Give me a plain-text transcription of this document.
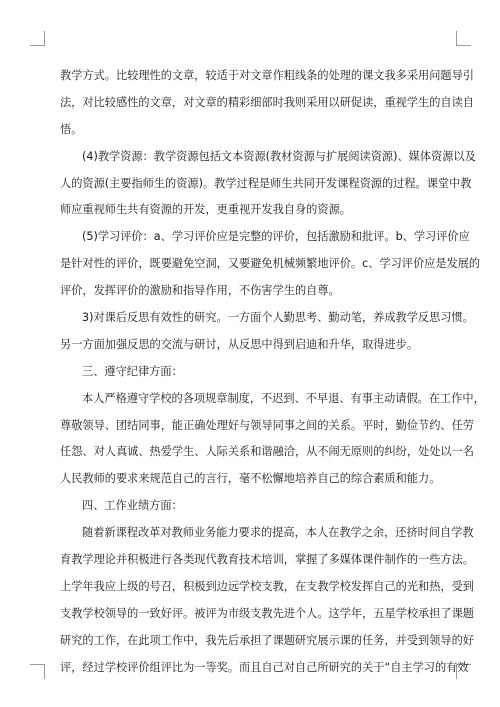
教学方式。比较理性的文章，较适于对文章作粗线条的处理的课文我多采用问题导引
法，对比较感性的文章，对文章的精彩细部时我则采用以研促读，重视学生的自读自
悟。

(4)教学资源：教学资源包括文本资源(教材资源与扩展阅读资源)、媒体资源以及
人的资源(主要指师生的资源)。教学过程是师生共同开发课程资源的过程。课堂中教
师应重视师生共有资源的开发，更重视开发我自身的资源。

(5)学习评价：a、学习评价应是完整的评价，包括激励和批评。b、学习评价应
是针对性的评价，既要避免空洞，又要避免机械频繁地评价。c、学习评价应是发展的
评价，发挥评价的激励和指导作用，不伤害学生的自尊。

3)对课后反思有效性的研究。一方面个人勤思考、勤动笔，养成教学反思习惯。
另一方面加强反思的交流与研讨，从反思中得到启迪和升华，取得进步。

三、遵守纪律方面：

本人严格遵守学校的各项规章制度，不迟到、不早退、有事主动请假。在工作中，
尊敬领导、团结同事，能正确处理好与领导同事之间的关系。平时，勤俭节约、任劳
任怨、对人真诚、热爱学生、人际关系和谐融洽，从不闹无原则的纠纷，处处以一名
人民教师的要求来规范自己的言行，毫不松懈地培养自己的综合素质和能力。

四、工作业绩方面：

随着新课程改革对教师业务能力要求的提高，本人在教学之余，还挤时间自学教
育教学理论并积极进行各类现代教育技术培训，掌握了多媒体课件制作的一些方法。
上学年我应上级的号召，积极到边远学校支教，在支教学校发挥自己的光和热，受到
支教学校领导的一致好评。被评为市级支教先进个人。这学年，五星学校承担了课题
研究的工作，在此项工作中，我先后承担了课题研究展示课的任务，并受到领导的好
评，经过学校评价组评比为一等奖。而且自己对自己所研究的关于“自主学习的有效
